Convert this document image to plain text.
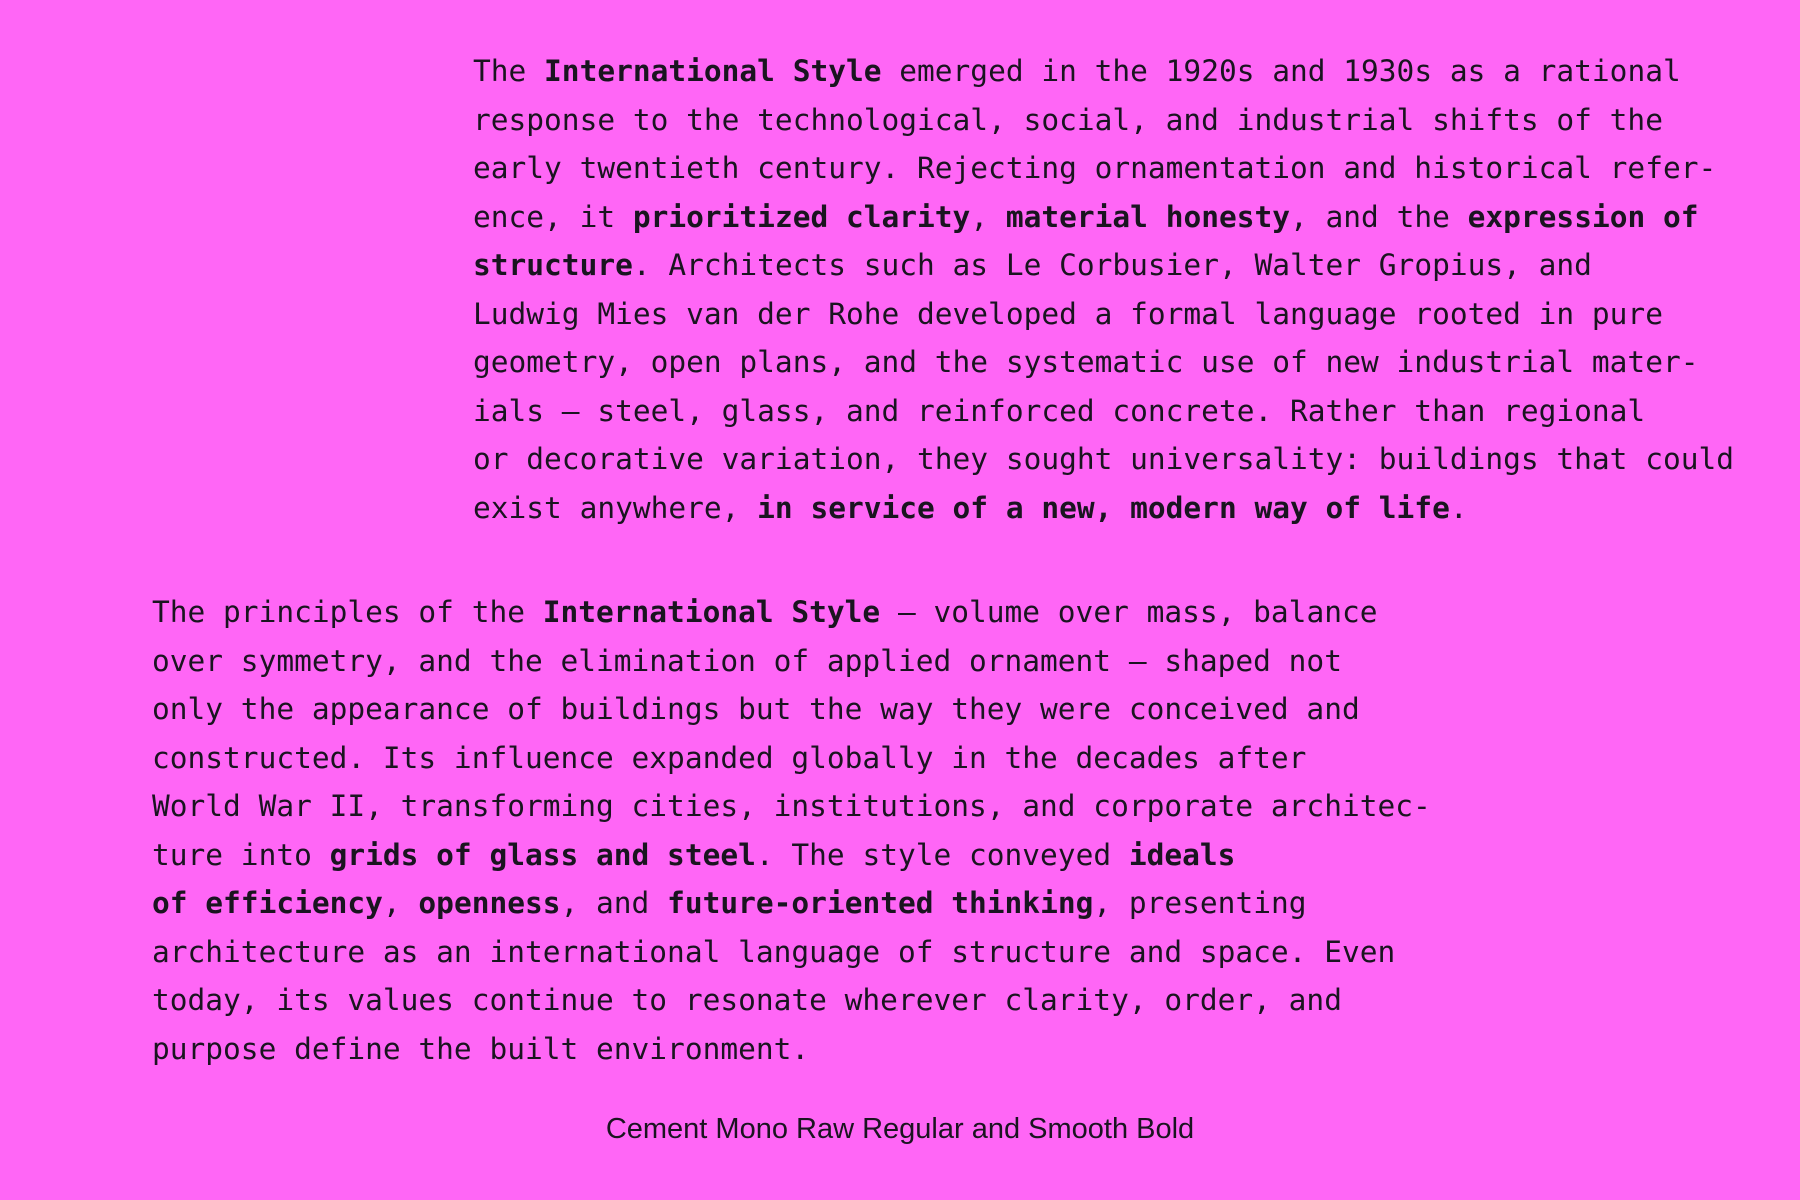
The International Style emerged in the 1920s and 1930s as a rational
response to the technological, social, and industrial shifts of the
early twentieth century. Rejecting ornamentation and historical refer-
ence, it prioritized clarity, material honesty, and the expression of
structure. Architects such as Le Corbusier, Walter Gropius, and
Ludwig Mies van der Rohe developed a formal language rooted in pure
geometry, open plans, and the systematic use of new industrial mater-
ials — steel, glass, and reinforced concrete. Rather than regional
or decorative variation, they sought universality: buildings that could
exist anywhere, in service of a new, modern way of life.
The principles of the International Style — volume over mass, balance
over symmetry, and the elimination of applied ornament — shaped not
only the appearance of buildings but the way they were conceived and
constructed. Its influence expanded globally in the decades after
World War II, transforming cities, institutions, and corporate architec-
ture into grids of glass and steel. The style conveyed ideals
of efficiency, openness, and future-oriented thinking, presenting
architecture as an international language of structure and space. Even
today, its values continue to resonate wherever clarity, order, and
purpose define the built environment.
Cement Mono Raw Regular and Smooth Bold
